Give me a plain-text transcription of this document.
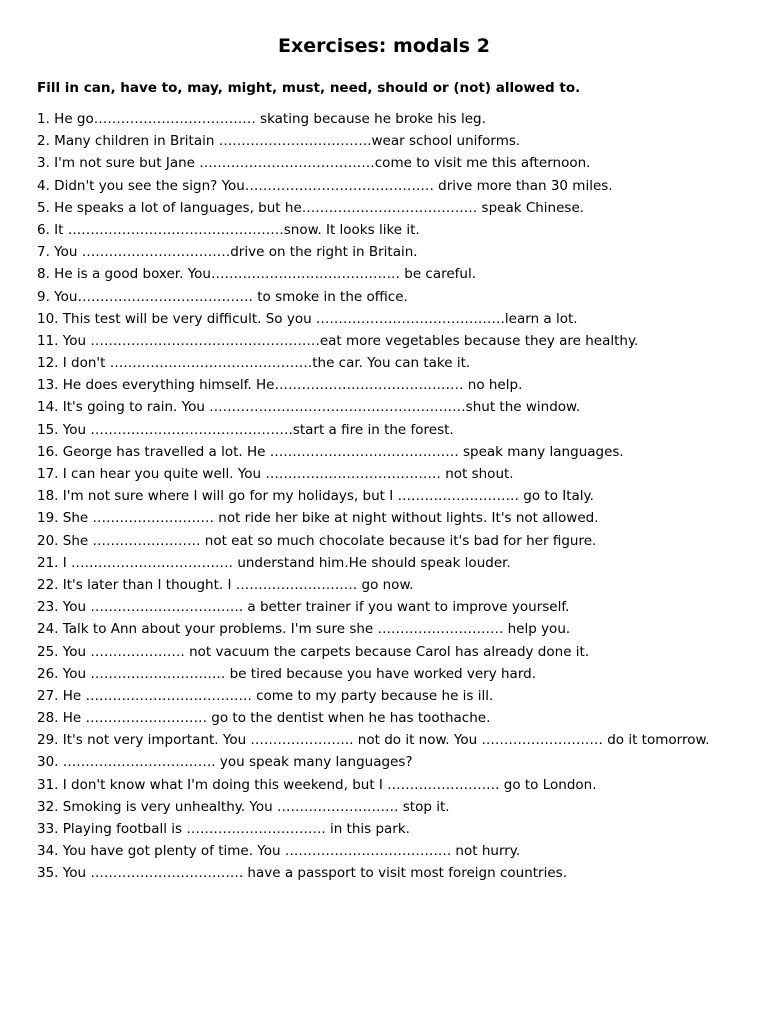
Exercises: modals 2
Fill in can, have to, may, might, must, need, should or (not) allowed to.
1. He go……………………………… skating because he broke his leg.
2. Many children in Britain …………………………….wear school uniforms.
3. I'm not sure but Jane …………………………………come to visit me this afternoon.
4. Didn't you see the sign? You…………………………………… drive more than 30 miles.
5. He speaks a lot of languages, but he………………………………… speak Chinese.
6. It …………………………………………snow. It looks like it.
7. You ……………………………drive on the right in Britain.
8. He is a good boxer. You…………………………………… be careful.
9. You………………………………… to smoke in the office.
10. This test will be very difficult. So you ……………………………………learn a lot.
11. You ……………………………………………eat more vegetables because they are healthy.
12. I don't ………………………………………the car. You can take it.
13. He does everything himself. He…………………………………… no help.
14. It's going to rain. You …………………………………………………shut the window.
15. You ………………………………………start a fire in the forest.
16. George has travelled a lot. He …………………………………… speak many languages.
17. I can hear you quite well. You ………………………………… not shout.
18. I'm not sure where I will go for my holidays, but I ……………………… go to Italy.
19. She ……………………… not ride her bike at night without lights. It's not allowed.
20. She …………………… not eat so much chocolate because it's bad for her figure.
21. I ……………………………… understand him.He should speak louder.
22. It's later than I thought. I ……………………… go now.
23. You ……………………………. a better trainer if you want to improve yourself.
24. Talk to Ann about your problems. I'm sure she ………………………. help you.
25. You ………………… not vacuum the carpets because Carol has already done it.
26. You ………………………… be tired because you have worked very hard.
27. He ………………………………. come to my party because he is ill.
28. He ……………………… go to the dentist when he has toothache.
29. It's not very important. You ………………….. not do it now. You ……………………… do it tomorrow.
30. ……………………………. you speak many languages?
31. I don't know what I'm doing this weekend, but I ……………………. go to London.
32. Smoking is very unhealthy. You ……………………… stop it.
33. Playing football is …………………………. in this park.
34. You have got plenty of time. You ………………………………. not hurry.
35. You ……………………………. have a passport to visit most foreign countries.
